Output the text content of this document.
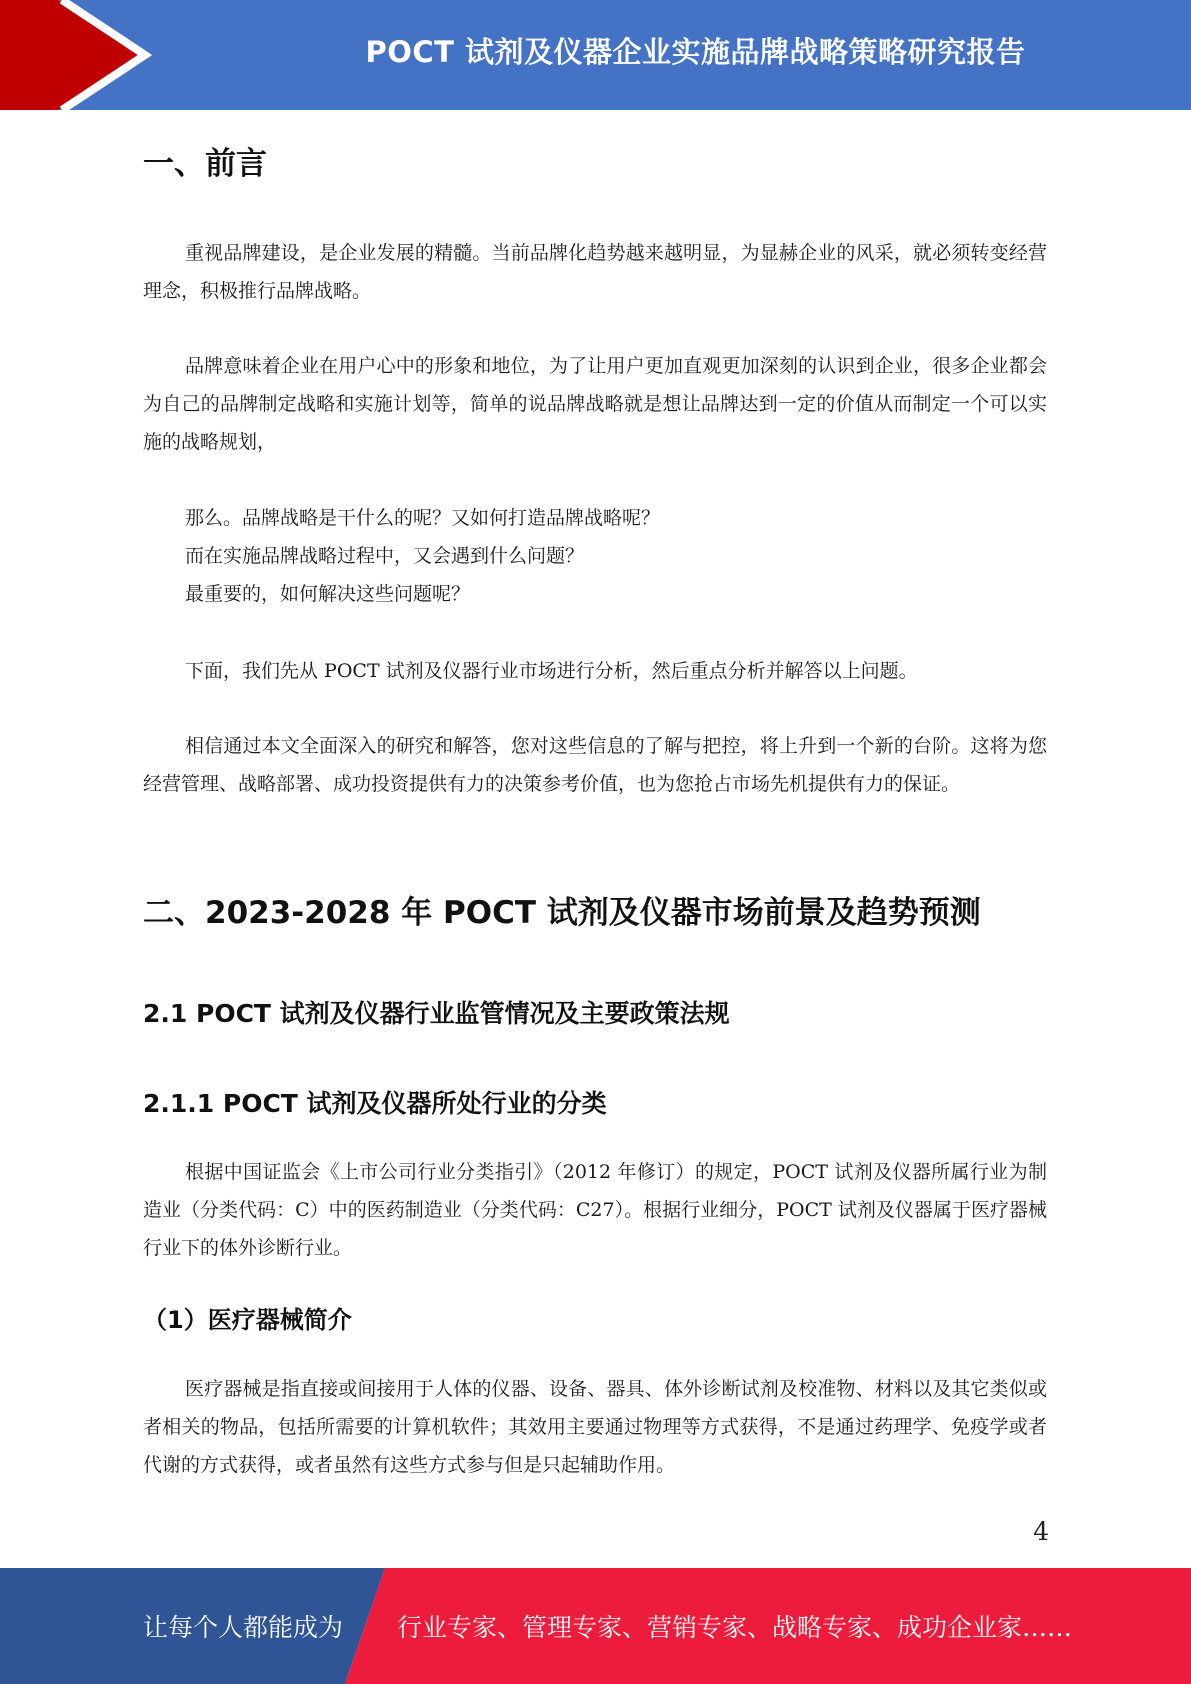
POCT 试剂及仪器企业实施品牌战略策略研究报告
一、前言

重视品牌建设，是企业发展的精髓。当前品牌化趋势越来越明显，为显赫企业的风采，就必须转变经营理念，积极推行品牌战略。

品牌意味着企业在用户心中的形象和地位，为了让用户更加直观更加深刻的认识到企业，很多企业都会为自己的品牌制定战略和实施计划等，简单的说品牌战略就是想让品牌达到一定的价值从而制定一个可以实施的战略规划，

那么。品牌战略是干什么的呢？又如何打造品牌战略呢？

而在实施品牌战略过程中，又会遇到什么问题？

最重要的，如何解决这些问题呢？

下面，我们先从 POCT 试剂及仪器行业市场进行分析，然后重点分析并解答以上问题。

相信通过本文全面深入的研究和解答，您对这些信息的了解与把控，将上升到一个新的台阶。这将为您经营管理、战略部署、成功投资提供有力的决策参考价值，也为您抢占市场先机提供有力的保证。

二、2023-2028 年 POCT 试剂及仪器市场前景及趋势预测
2.1 POCT 试剂及仪器行业监管情况及主要政策法规
2.1.1 POCT 试剂及仪器所处行业的分类

根据中国证监会《上市公司行业分类指引》（2012 年修订）的规定，POCT 试剂及仪器所属行业为制造业（分类代码：C）中的医药制造业（分类代码：C27）。根据行业细分，POCT 试剂及仪器属于医疗器械行业下的体外诊断行业。

（1）医疗器械简介

医疗器械是指直接或间接用于人体的仪器、设备、器具、体外诊断试剂及校准物、材料以及其它类似或者相关的物品，包括所需要的计算机软件；其效用主要通过物理等方式获得，不是通过药理学、免疫学或者代谢的方式获得，或者虽然有这些方式参与但是只起辅助作用。

4
让每个人都能成为 行业专家、管理专家、营销专家、战略专家、成功企业家……
